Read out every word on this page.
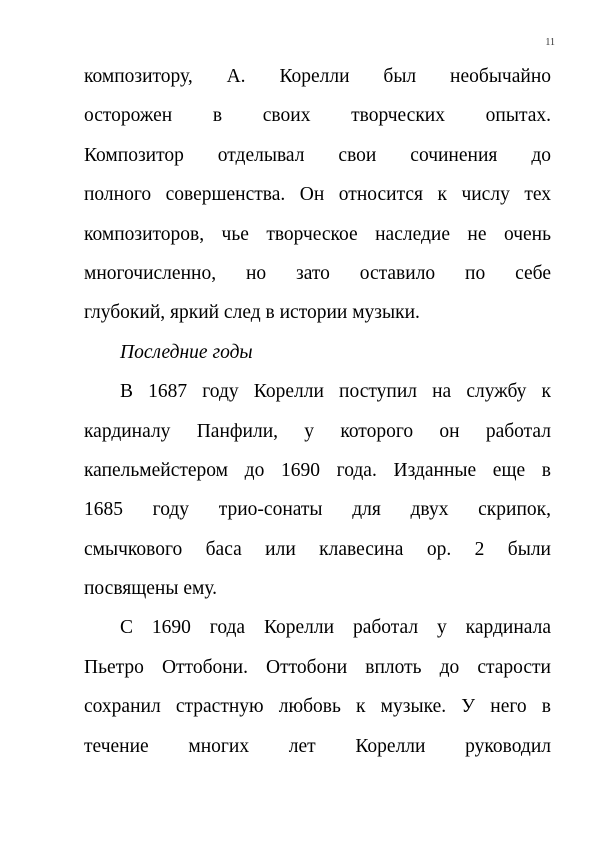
11
композитору, А. Корелли был необычайно
осторожен в своих творческих опытах.
Композитор отделывал свои сочинения до
полного совершенства. Он относится к числу тех
композиторов, чье творческое наследие не очень
многочисленно, но зато оставило по себе
глубокий, яркий след в истории музыки.
Последние годы
В 1687 году Корелли поступил на службу к
кардиналу Панфили, у которого он работал
капельмейстером до 1690 года. Изданные еще в
1685 году трио-сонаты для двух скрипок,
смычкового баса или клавесина ор. 2 были
посвящены ему.
С 1690 года Корелли работал у кардинала
Пьетро Оттобони. Оттобони вплоть до старости
сохранил страстную любовь к музыке. У него в
течение многих лет Корелли руководил
